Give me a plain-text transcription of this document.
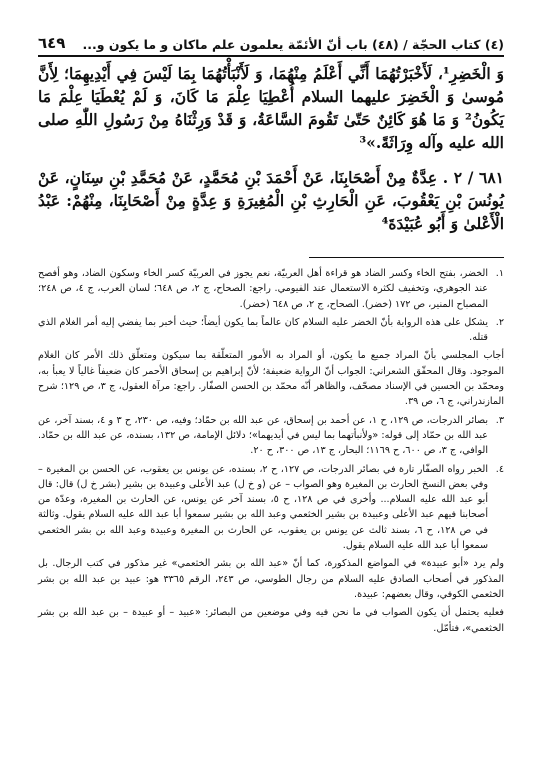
(٤) كتاب الحجّة / (٤٨) باب أنّ الأئمّة يعلمون علم ماكان و ما يكون و...
٦٤٩

وَ الْخَضِرِ¹، لَأَخْبَرْتُهُمَا أَنِّي أَعْلَمُ مِنْهُمَا، وَ لَأَنْبَأْتُهُمَا بِمَا لَيْسَ فِي أَيْدِيهِمَا؛ لِأَنَّ مُوسىٰ وَ الْخَضِرَ عليهما السلام أُعْطِيَا عِلْمَ مَا كَانَ، وَ لَمْ يُعْطَيَا عِلْمَ مَا يَكُونُ² وَ مَا هُوَ كَائِنٌ حَتّىٰ تَقُومَ السَّاعَةُ، وَ قَدْ وَرِثْنَاهُ مِنْ رَسُولِ اللّٰهِ صلى الله عليه وآله وِرَاثَةً.»³

٦٨١ / ٢ . عِدَّةٌ مِنْ أَصْحَابِنَا، عَنْ أَحْمَدَ بْنِ مُحَمَّدٍ، عَنْ مُحَمَّدِ بْنِ سِنَانٍ، عَنْ يُونُسَ بْنِ يَعْقُوبَ، عَنِ الْحَارِثِ بْنِ الْمُغِيرَةِ وَ عِدَّةٍ مِنْ أَصْحَابِنَا، مِنْهُمْ: عَبْدُ الْأَعْلىٰ وَ أَبُو عُبَيْدَةَ⁴

١.
الخضر، بفتح الخاء وكسر الضاد هو قراءة أهل العربيّة، نعم يجوز في العربيّة كسر الخاء وسكون الضاد، وهو أفصح عند الجوهري، وتخفيف لكثرة الاستعمال عند الفيومي. راجع: الصحاح، ج ٢، ص ٦٤٨؛ لسان العرب، ج ٤، ص ٢٤٨؛ المصباح المنير، ص ١٧٢ (خضر). الصحاح، ج ٢، ص ٦٤٨ (خضر).
٢.
يشكل على هذه الرواية بأنّ الخضر عليه السلام كان عالماً بما يكون أيضاً؛ حيث أخبر بما يفضي إليه أمر الغلام الذي قتله.
أجاب المجلسي بأنّ المراد جميع ما يكون، أو المراد به الأمور المتعلّقة بما سيكون ومتعلّق ذلك الأمر كان الغلام الموجود. وقال المحقّق الشعراني: الجواب أنّ الرواية ضعيفة؛ لأنّ إبراهيم بن إسحاق الأحمر كان ضعيفاً غالياً لا يعبأ به، ومحمّد بن الحسين في الإسناد مصحّف، والظاهر أنّه محمّد بن الحسن الصفّار. راجع: مرآة العقول، ج ٣، ص ١٢٩؛ شرح المازندراني، ج ٦، ص ٣٩.
٣.
بصائر الدرجات، ص ١٢٩، ح ١، عن أحمد بن إسحاق، عن عبد الله بن حمّاد؛ وفيه، ص ٢٣٠، ح ٣ و ٤، بسند آخر، عن عبد الله بن حمّاد إلى قوله: «ولأنبأتهما بما ليس في أيديهما»؛ دلائل الإمامة، ص ١٣٢، بسنده، عن عبد الله بن حمّاد. الوافي، ج ٣، ص ٦٠٠، ح ١١٦٩؛ البحار، ج ١٣، ص ٣٠٠، ح ٢٠.
٤.
الخبر رواه الصفّار تارة في بصائر الدرجات، ص ١٢٧، ح ٢، بسنده، عن يونس بن يعقوب، عن الحسن بن المغيرة – وفي بعض النسخ الحارث بن المغيرة وهو الصواب – عن (و خ ل) عبد الأعلى وعبيدة بن بشير (بشر خ ل) قال: قال أبو عبد الله عليه السلام... وأخرى في ص ١٢٨، ح ٥، بسند آخر عن يونس، عن الحارث بن المغيرة، وعدّة من أصحابنا فيهم عبد الأعلى وعبيدة بن بشير الخثعمي وعبد الله بن بشير سمعوا أبا عبد الله عليه السلام يقول. وثالثة في ص ١٢٨، ح ٦، بسند ثالث عن يونس بن يعقوب، عن الحارث بن المغيرة وعبيدة وعبد الله بن بشر الخثعمي سمعوا أبا عبد الله عليه السلام يقول.
ولم يرد «أبو عبيدة» في المواضع المذكورة، كما أنّ «عبد الله بن بشر الخثعمي» غير مذكور في كتب الرجال. بل المذكور في أصحاب الصادق عليه السلام من رجال الطوسي، ص ٢٤٣، الرقم ٣٣٦٥ هو: عبيد بن عبد الله بن بشر الخثعمي الكوفي، وقال بعضهم: عبيدة.
فعليه يحتمل أن يكون الصواب في ما نحن فيه وفي موضعين من البصائر: «عبيد – أو عبيدة – بن عبد الله بن بشر الخثعمي»، فتأمّل.
